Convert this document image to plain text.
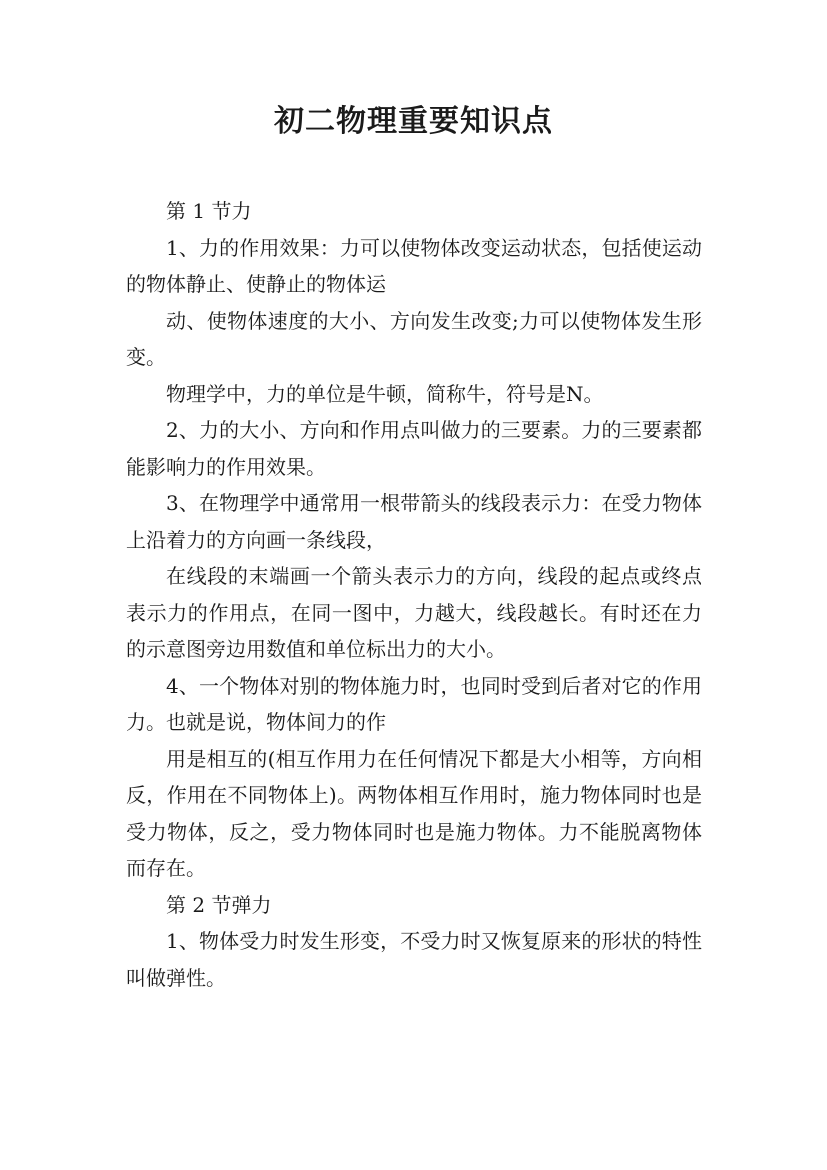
初二物理重要知识点

第 1 节力

1、力的作用效果：力可以使物体改变运动状态，包括使运动的物体静止、使静止的物体运

动、使物体速度的大小、方向发生改变;力可以使物体发生形变。

物理学中，力的单位是牛顿，简称牛，符号是N。

2、力的大小、方向和作用点叫做力的三要素。力的三要素都能影响力的作用效果。

3、在物理学中通常用一根带箭头的线段表示力：在受力物体上沿着力的方向画一条线段，

在线段的末端画一个箭头表示力的方向，线段的起点或终点表示力的作用点，在同一图中，力越大，线段越长。有时还在力的示意图旁边用数值和单位标出力的大小。

4、一个物体对别的物体施力时，也同时受到后者对它的作用力。也就是说，物体间力的作

用是相互的(相互作用力在任何情况下都是大小相等，方向相反，作用在不同物体上)。两物体相互作用时，施力物体同时也是受力物体，反之，受力物体同时也是施力物体。力不能脱离物体而存在。

第 2 节弹力

1、物体受力时发生形变，不受力时又恢复原来的形状的特性叫做弹性。
